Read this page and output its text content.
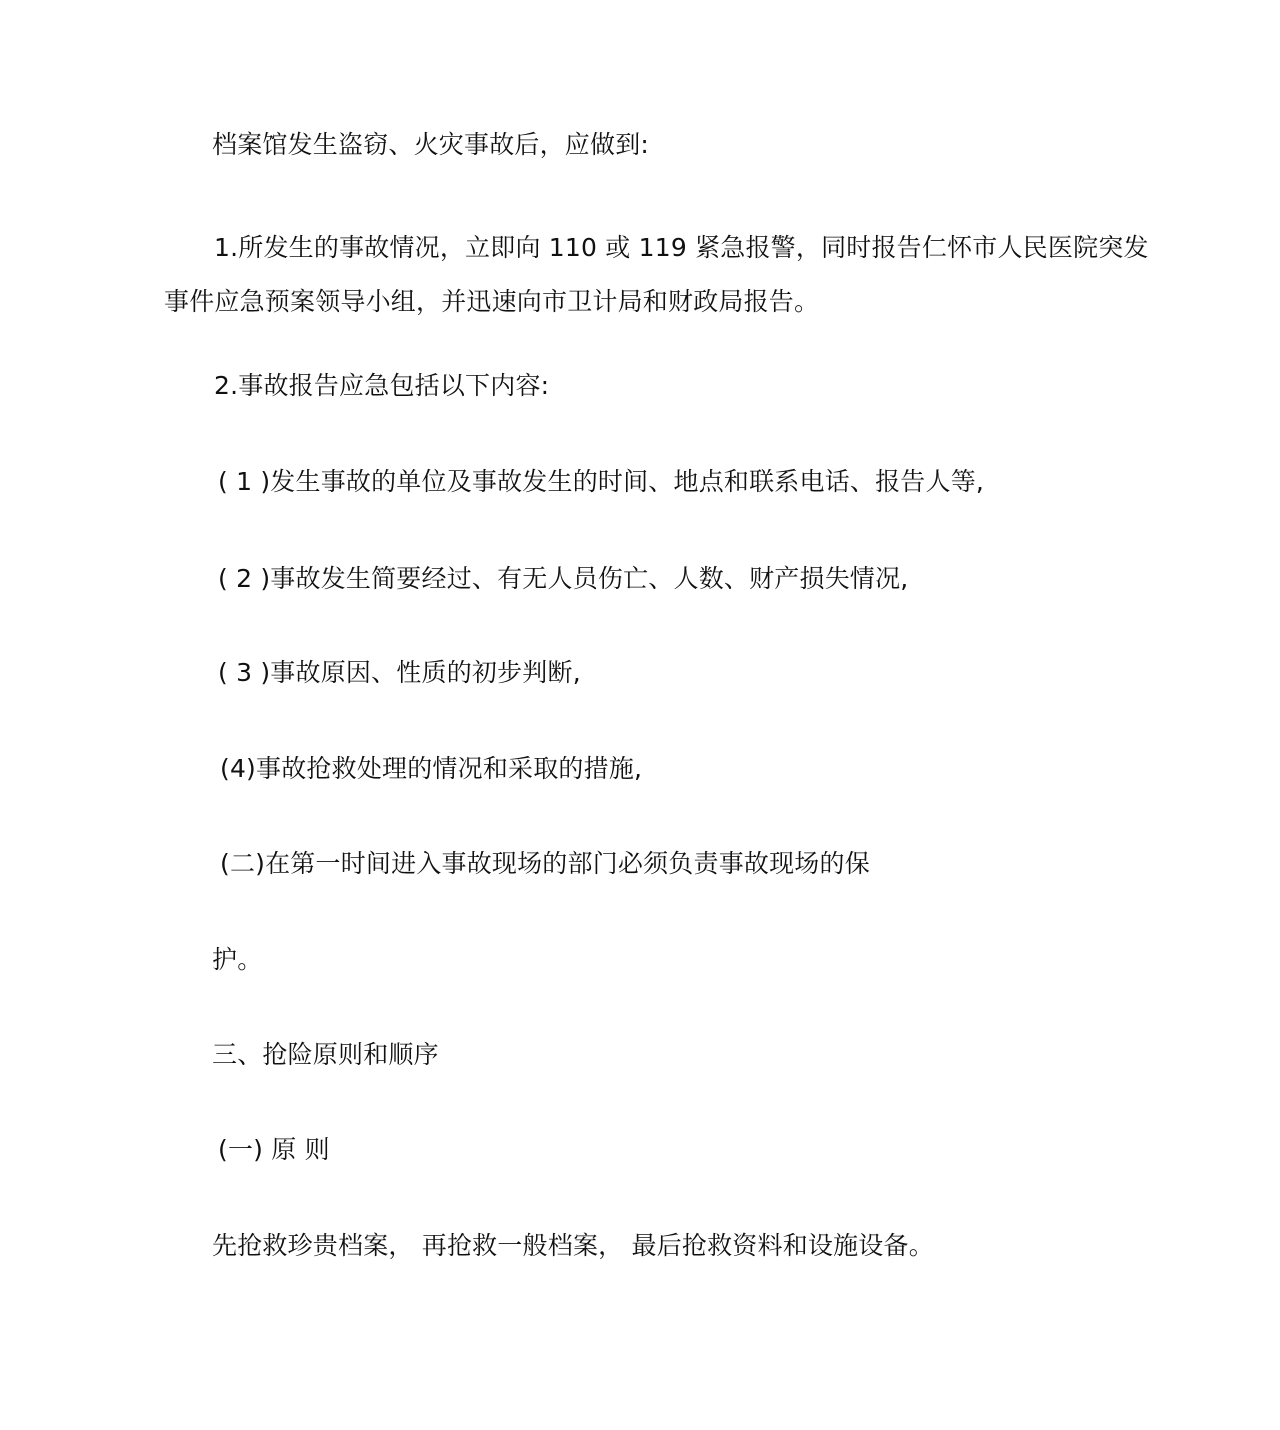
档案馆发生盗窃、火灾事故后，应做到:
1.所发生的事故情况，立即向 110 或 119 紧急报警，同时报告仁怀市人民医院突发
事件应急预案领导小组，并迅速向市卫计局和财政局报告。
2.事故报告应急包括以下内容:
( 1 )发生事故的单位及事故发生的时间、地点和联系电话、报告人等,
( 2 )事故发生简要经过、有无人员伤亡、人数、财产损失情况,
( 3 )事故原因、性质的初步判断,
(4)事故抢救处理的情况和采取的措施,
(二)在第一时间进入事故现场的部门必须负责事故现场的保
护。
三、抢险原则和顺序
(一) 原 则
先抢救珍贵档案， 再抢救一般档案， 最后抢救资料和设施设备。
